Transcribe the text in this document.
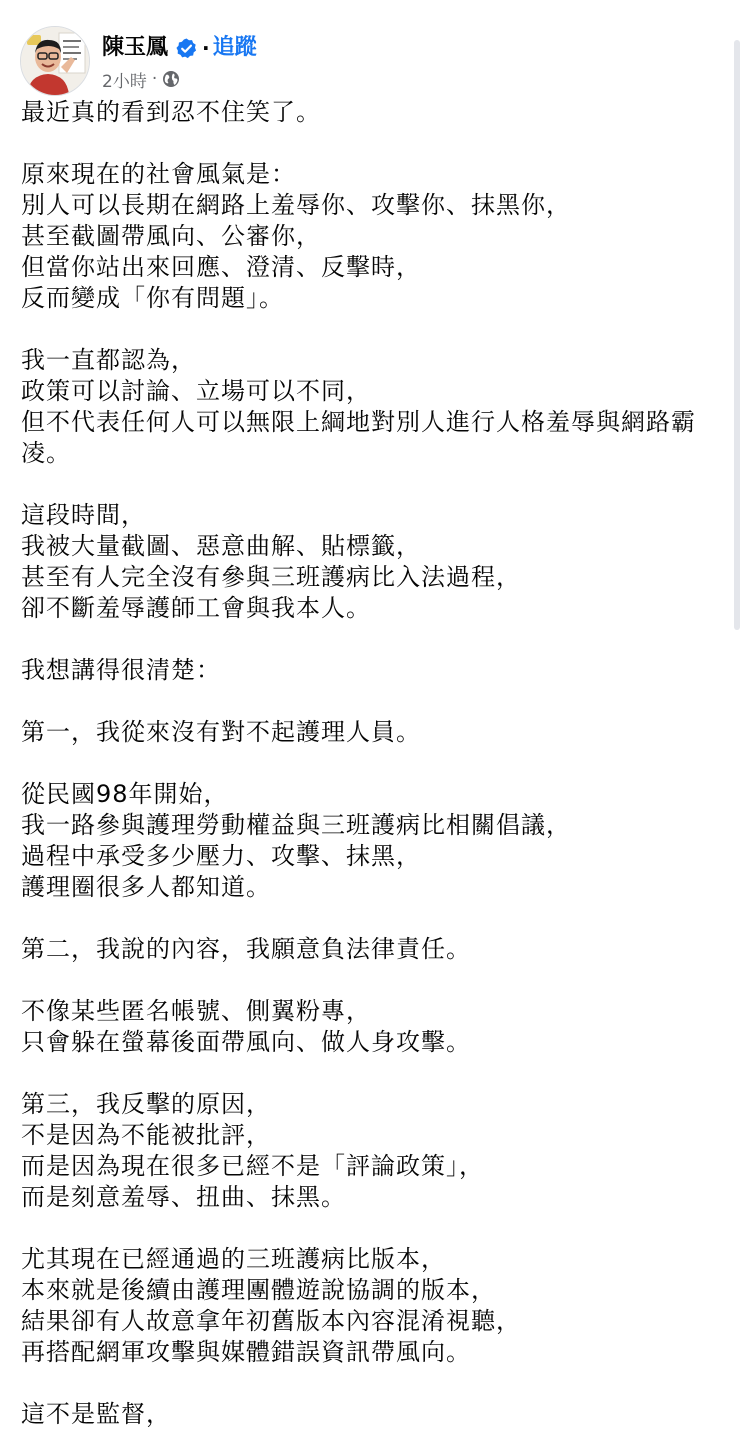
陳玉鳳 · 追蹤
2小時 ·
最近真的看到忍不住笑了。

原來現在的社會風氣是：
別人可以長期在網路上羞辱你、攻擊你、抹黑你，
甚至截圖帶風向、公審你，
但當你站出來回應、澄清、反擊時，
反而變成「你有問題」。

我一直都認為，
政策可以討論、立場可以不同，
但不代表任何人可以無限上綱地對別人進行人格羞辱與網路霸凌。

這段時間，
我被大量截圖、惡意曲解、貼標籤，
甚至有人完全沒有參與三班護病比入法過程，
卻不斷羞辱護師工會與我本人。

我想講得很清楚：

第一，我從來沒有對不起護理人員。

從民國98年開始，
我一路參與護理勞動權益與三班護病比相關倡議，
過程中承受多少壓力、攻擊、抹黑，
護理圈很多人都知道。

第二，我說的內容，我願意負法律責任。

不像某些匿名帳號、側翼粉專，
只會躲在螢幕後面帶風向、做人身攻擊。

第三，我反擊的原因，
不是因為不能被批評，
而是因為現在很多已經不是「評論政策」，
而是刻意羞辱、扭曲、抹黑。

尤其現在已經通過的三班護病比版本，
本來就是後續由護理團體遊說協調的版本，
結果卻有人故意拿年初舊版本內容混淆視聽，
再搭配網軍攻擊與媒體錯誤資訊帶風向。

這不是監督，
